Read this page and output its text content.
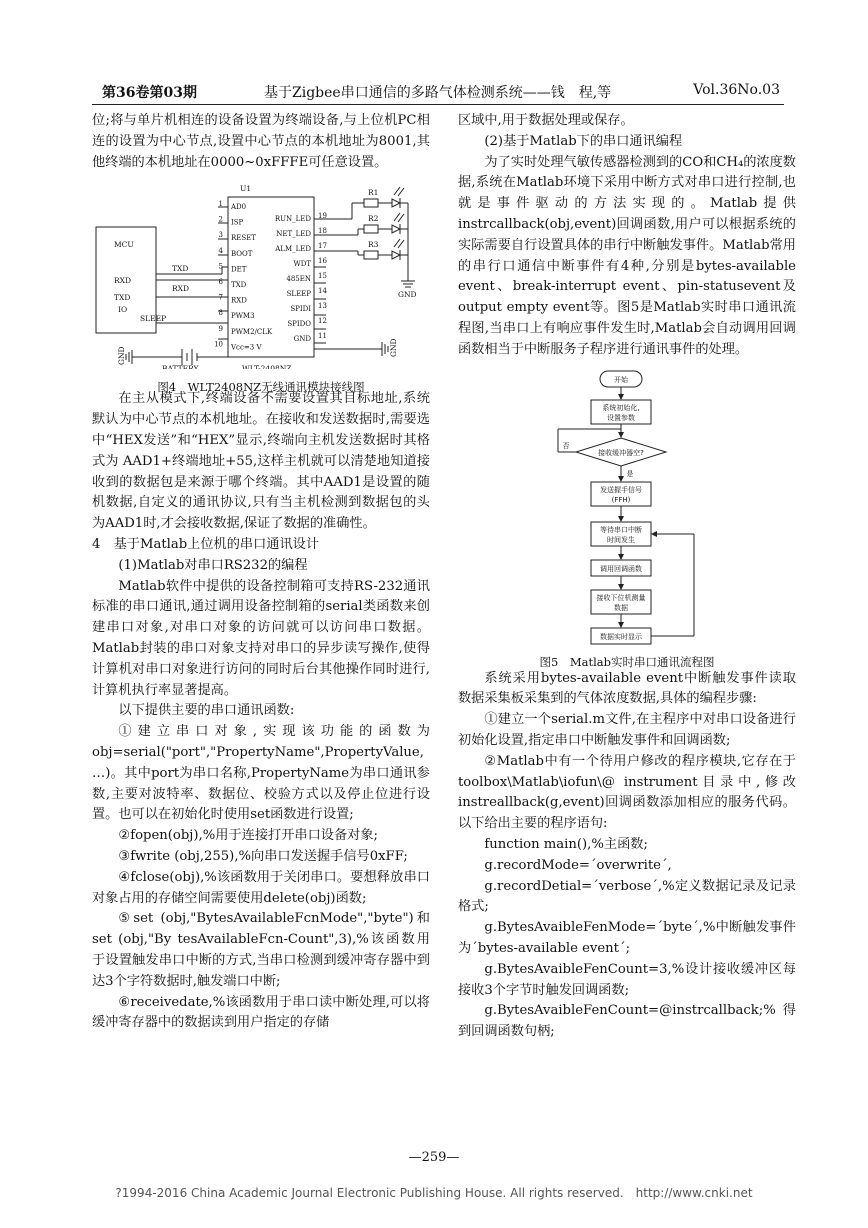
第36卷第03期	基于Zigbee串口通信的多路气体检测系统——钱　程,等	Vol.36No.03

位;将与单片机相连的设备设置为终端设备,与上位机PC相连的设置为中心节点,设置中心节点的本机地址为8001,其他终端的本机地址在0000~0xFFFE可任意设置。

U1
MCU
RXD
TXD
IO
TXD
RXD
SLEEP
BATTERY	WLT-2408NZ
GND
R1
R2
R3
GND	GND
AD0
1
ISP
2
RESET
3
BOOT
4
DET
5
TXD
6
RXD
7
PWM3
8
PWM2/CLK
9
Vcc=3 V
10
RUN_LED 19
NET_LED 18
ALM_LED 17
WDT 16
485EN 15
SLEEP 14
SPIDI 13
SPIDO 12
GND 11

图4　WLT2408NZ无线通讯模块接线图

在主从模式下,终端设备不需要设置其目标地址,系统默认为中心节点的本机地址。在接收和发送数据时,需要选中“HEX发送”和“HEX”显示,终端向主机发送数据时其格式为 AAD1+终端地址+55,这样主机就可以清楚地知道接收到的数据包是来源于哪个终端。其中AAD1是设置的随机数据,自定义的通讯协议,只有当主机检测到数据包的头为AAD1时,才会接收数据,保证了数据的准确性。

4　基于Matlab上位机的串口通讯设计

(1)Matlab对串口RS232的编程

Matlab软件中提供的设备控制箱可支持RS-232通讯标准的串口通讯,通过调用设备控制箱的serial类函数来创建串口对象,对串口对象的访问就可以访问串口数据。Matlab封装的串口对象支持对串口的异步读写操作,使得计算机对串口对象进行访问的同时后台其他操作同时进行,计算机执行率显著提高。

以下提供主要的串口通讯函数:

①建立串口对象,实现该功能的函数为 obj=serial("port","PropertyName",PropertyValue, …)。其中port为串口名称,PropertyName为串口通讯参数,主要对波特率、数据位、校验方式以及停止位进行设置。也可以在初始化时使用set函数进行设置;

②fopen(obj),%用于连接打开串口设备对象;

③fwrite (obj,255),%向串口发送握手信号0xFF;

④fclose(obj),%该函数用于关闭串口。要想释放串口对象占用的存储空间需要使用delete(obj)函数;

⑤set (obj,"BytesAvailableFcnMode","byte")和set (obj,"By tesAvailableFcn-Count",3),%该函数用于设置触发串口中断的方式,当串口检测到缓冲寄存器中到达3个字符数据时,触发端口中断;

⑥receivedate,%该函数用于串口读中断处理,可以将缓冲寄存器中的数据读到用户指定的存储

区域中,用于数据处理或保存。

(2)基于Matlab下的串口通讯编程

为了实时处理气敏传感器检测到的CO和CH₄的浓度数据,系统在Matlab环境下采用中断方式对串口进行控制,也就是事件驱动的方法实现的。Matlab提供instrcallback(obj,event)回调函数,用户可以根据系统的实际需要自行设置具体的串行中断触发事件。Matlab常用的串行口通信中断事件有4种,分别是bytes-available event、break-interrupt event、pin-statusevent及output empty event等。图5是Matlab实时串口通讯流程图,当串口上有响应事件发生时,Matlab会自动调用回调函数相当于中断服务子程序进行通讯事件的处理。

开始
系统初始化,
设置参数
接收缓冲器空?
否
是
发送握手信号
(FFH)
等待串口中断
时间发生
调用回调函数
接收下位机测量
数据
数据实时显示

图5　Matlab实时串口通讯流程图

系统采用bytes-available event中断触发事件读取数据采集板采集到的气体浓度数据,具体的编程步骤:

①建立一个serial.m文件,在主程序中对串口设备进行初始化设置,指定串口中断触发事件和回调函数;

②Matlab中有一个待用户修改的程序模块,它存在于toolbox\Matlab\iofun\@ instrument目录中,修改instreallback(g,event)回调函数添加相应的服务代码。以下给出主要的程序语句:

function main(),%主函数;

g.recordMode=´overwrite´,

g.recordDetial=´verbose´,%定义数据记录及记录格式;

g.BytesAvaibleFenMode=´byte´,%中断触发事件为´bytes-available event´;

g.BytesAvaibleFenCount=3,%设计接收缓冲区每接收3个字节时触发回调函数;

g.BytesAvaibleFenCount=@instrcallback;%得到回调函数句柄;

—259—
?1994-2016 China Academic Journal Electronic Publishing House. All rights reserved.　http://www.cnki.net
